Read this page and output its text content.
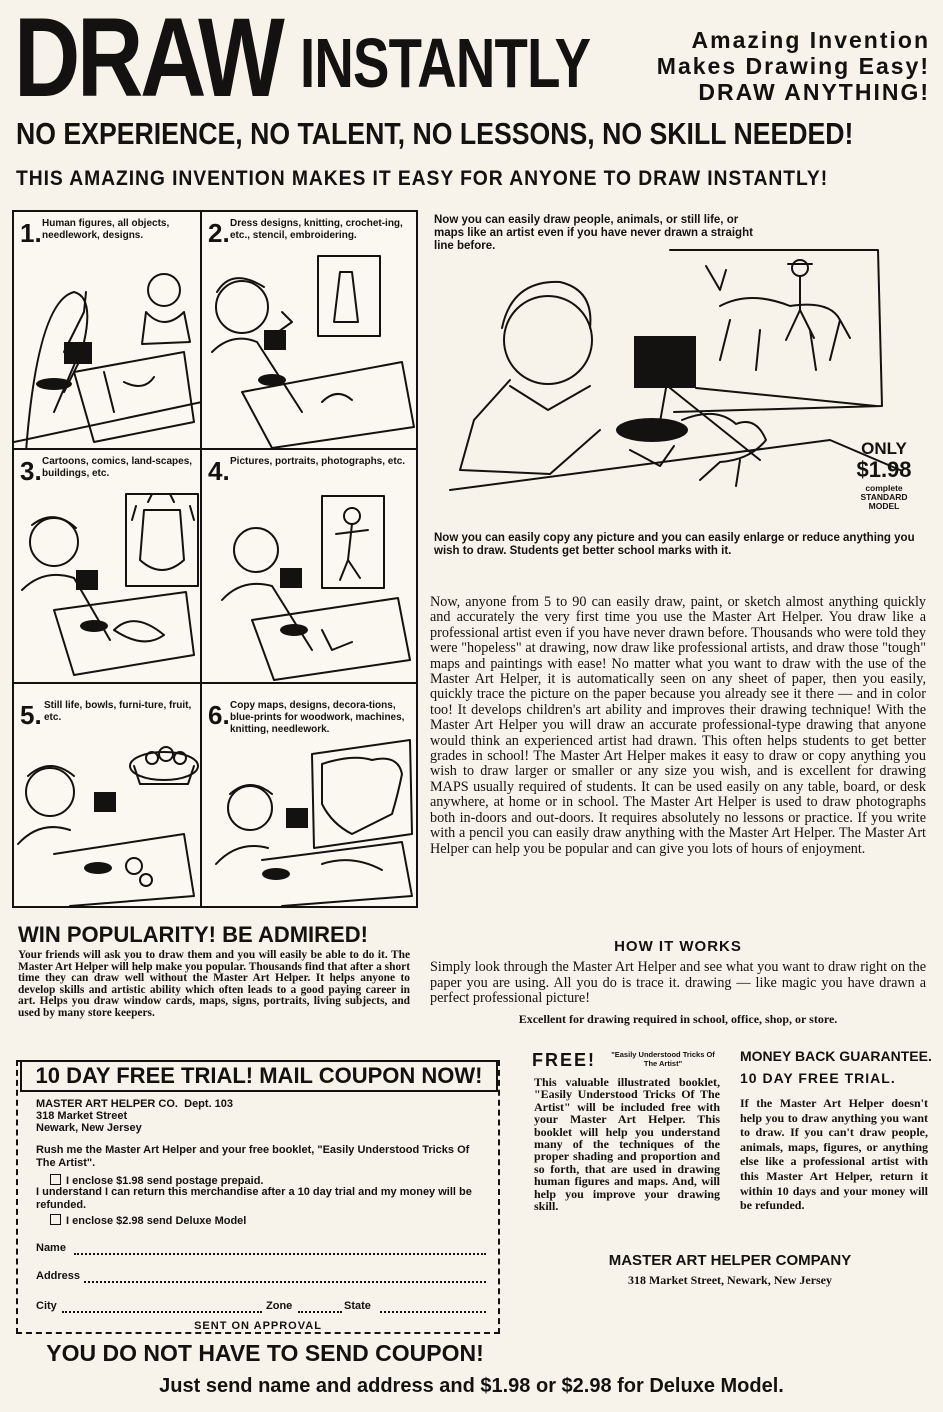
DRAW INSTANTLY	Amazing Invention
Makes Drawing Easy!
DRAW ANYTHING!
NO EXPERIENCE, NO TALENT, NO LESSONS, NO SKILL NEEDED!
THIS AMAZING INVENTION MAKES IT EASY FOR ANYONE TO DRAW INSTANTLY!
1. Human figures, all objects, needlework, designs.	2. Dress designs, knitting, crochet-ing, etc., stencil, embroidering.
3. Cartoons, comics, land-scapes, buildings, etc.	4. Pictures, portraits, photographs, etc.
5. Still life, bowls, furni-ture, fruit, etc.	6. Copy maps, designs, decora-tions, blue-prints for woodwork, machines, knitting, needlework.
Now you can easily draw people, animals, or still life, or maps like an artist even if you have never drawn a straight line before.
ONLY
$1.98
complete STANDARD MODEL
Now you can easily copy any picture and you can easily enlarge or reduce anything you wish to draw. Students get better school marks with it.
Now, anyone from 5 to 90 can easily draw, paint, or sketch almost anything quickly and accurately the very first time you use the Master Art Helper. You draw like a professional artist even if you have never drawn before. Thousands who were told they were "hopeless" at drawing, now draw like professional artists, and draw those "tough" maps and paintings with ease! No matter what you want to draw with the use of the Master Art Helper, it is automatically seen on any sheet of paper, then you easily, quickly trace the picture on the paper because you already see it there — and in color too! It develops children's art ability and improves their drawing technique! With the Master Art Helper you will draw an accurate professional-type drawing that anyone would think an experienced artist had drawn. This often helps students to get better grades in school! The Master Art Helper makes it easy to draw or copy anything you wish to draw larger or smaller or any size you wish, and is excellent for drawing MAPS usually required of students. It can be used easily on any table, board, or desk anywhere, at home or in school. The Master Art Helper is used to draw photographs both in-doors and out-doors. It requires absolutely no lessons or practice. If you write with a pencil you can easily draw anything with the Master Art Helper. The Master Art Helper can help you be popular and can give you lots of hours of enjoyment.
HOW IT WORKS
Simply look through the Master Art Helper and see what you want to draw right on the paper you are using. All you do is trace it. drawing — like magic you have drawn a perfect professional picture!
Excellent for drawing required in school, office, shop, or store.
WIN POPULARITY! BE ADMIRED!
Your friends will ask you to draw them and you will easily be able to do it. The Master Art Helper will help make you popular. Thousands find that after a short time they can draw well without the Master Art Helper. It helps anyone to develop skills and artistic ability which often leads to a good paying career in art. Helps you draw window cards, maps, signs, portraits, living subjects, and used by many store keepers.
10 DAY FREE TRIAL! MAIL COUPON NOW!
MASTER ART HELPER CO. Dept. 103
318 Market Street
Newark, New Jersey
Rush me the Master Art Helper and your free booklet, "Easily Understood Tricks Of The Artist".
I enclose $1.98 send postage prepaid.
I understand I can return this merchandise after a 10 day trial and my money will be refunded.
I enclose $2.98 send Deluxe Model
Name
Address
City	Zone	State
SENT ON APPROVAL
FREE!	"Easily Understood Tricks Of The Artist"
This valuable illustrated booklet, "Easily Understood Tricks Of The Artist" will be included free with your Master Art Helper. This booklet will help you understand many of the techniques of the proper shading and proportion and so forth, that are used in drawing human figures and maps. And, will help you improve your drawing skill.
MONEY BACK GUARANTEE.
10 DAY FREE TRIAL.
If the Master Art Helper doesn't help you to draw anything you want to draw. If you can't draw people, animals, maps, figures, or anything else like a professional artist with this Master Art Helper, return it within 10 days and your money will be refunded.
MASTER ART HELPER COMPANY
318 Market Street, Newark, New Jersey
YOU DO NOT HAVE TO SEND COUPON!
Just send name and address and $1.98 or $2.98 for Deluxe Model.
